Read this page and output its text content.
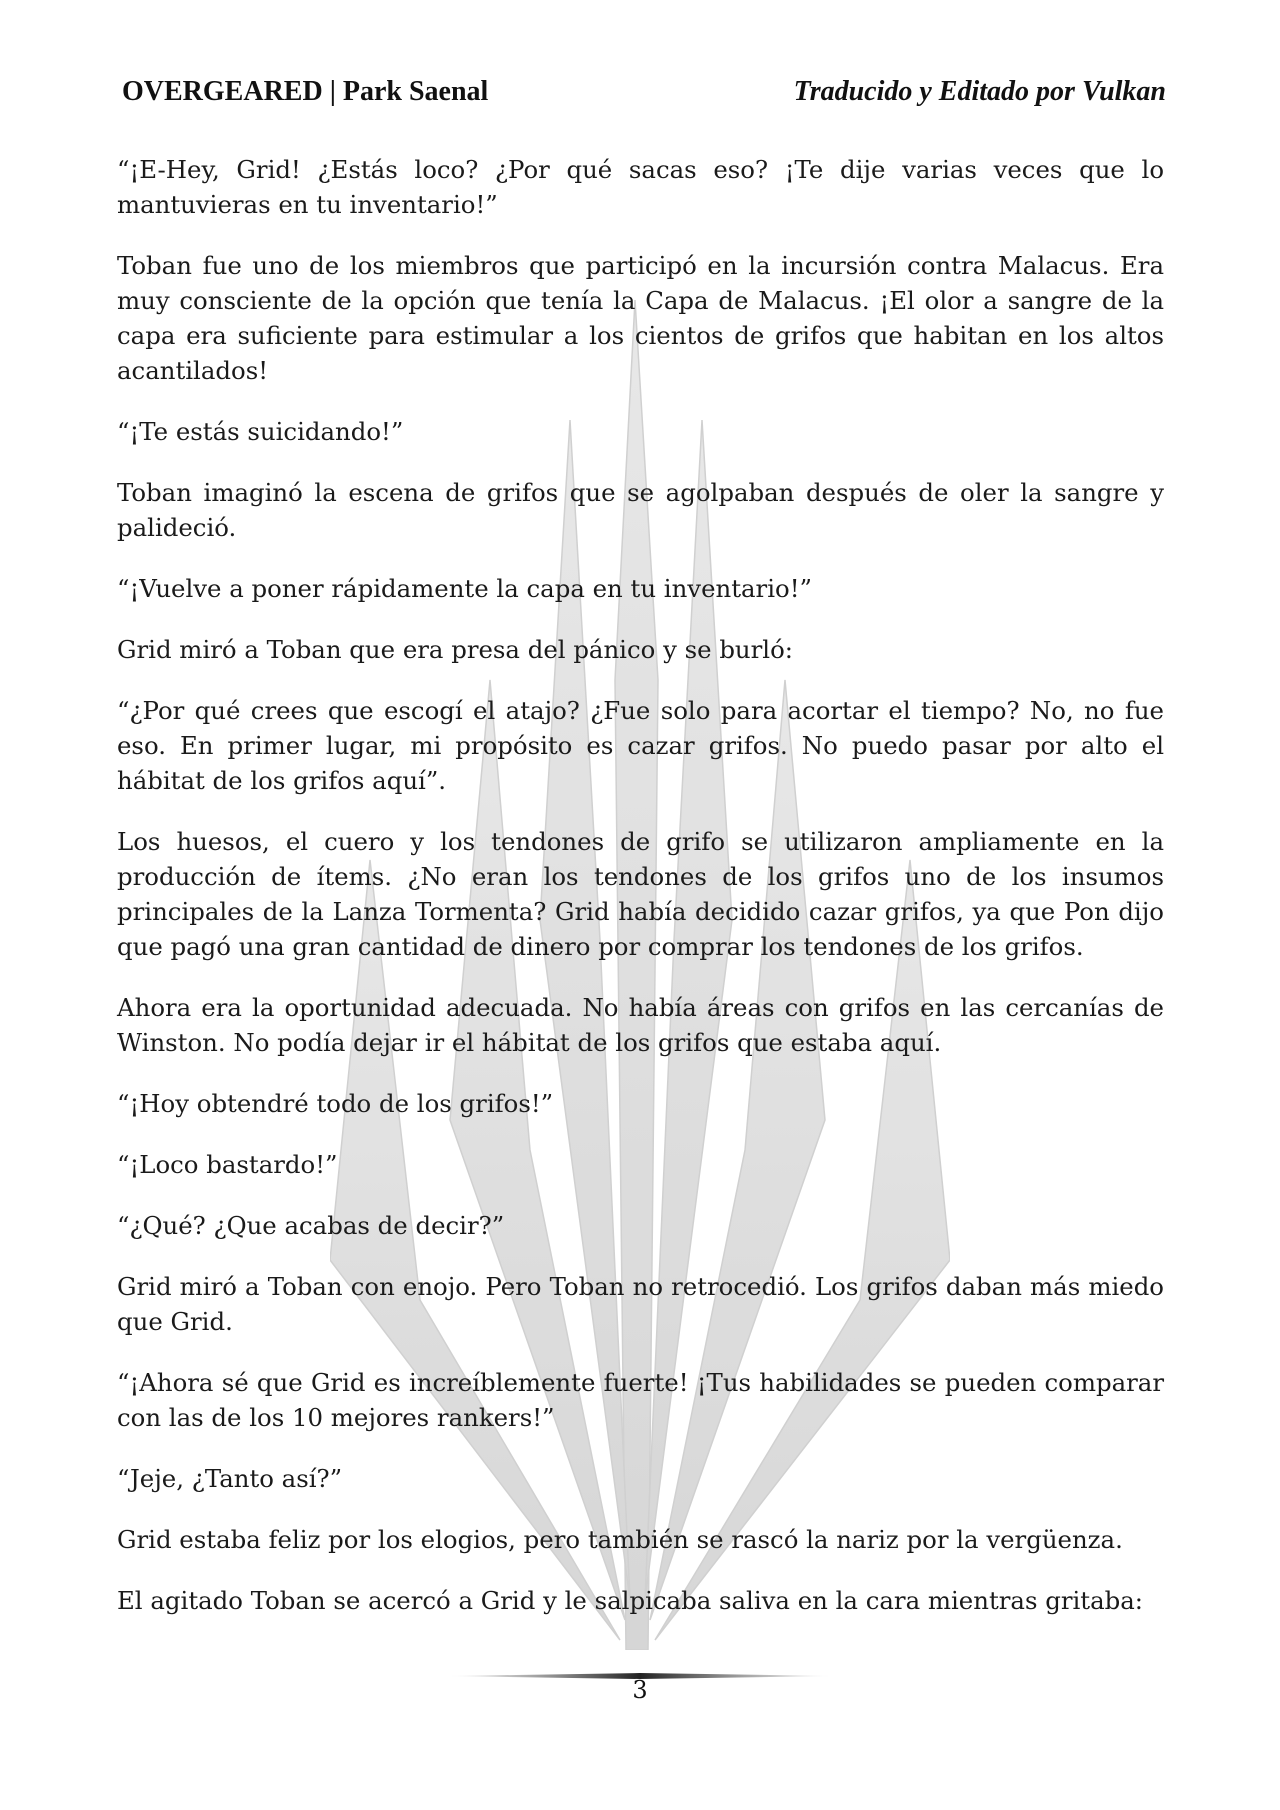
OVERGEARED | Park Saenal	Traducido y Editado por Vulkan

“¡E-Hey, Grid! ¿Estás loco? ¿Por qué sacas eso? ¡Te dije varias veces que lo mantuvieras en tu inventario!”

Toban fue uno de los miembros que participó en la incursión contra Malacus. Era muy consciente de la opción que tenía la Capa de Malacus. ¡El olor a sangre de la capa era suficiente para estimular a los cientos de grifos que habitan en los altos acantilados!

“¡Te estás suicidando!”

Toban imaginó la escena de grifos que se agolpaban después de oler la sangre y palideció.

“¡Vuelve a poner rápidamente la capa en tu inventario!”

Grid miró a Toban que era presa del pánico y se burló:

“¿Por qué crees que escogí el atajo? ¿Fue solo para acortar el tiempo? No, no fue eso. En primer lugar, mi propósito es cazar grifos. No puedo pasar por alto el hábitat de los grifos aquí”.

Los huesos, el cuero y los tendones de grifo se utilizaron ampliamente en la producción de ítems. ¿No eran los tendones de los grifos uno de los insumos principales de la Lanza Tormenta? Grid había decidido cazar grifos, ya que Pon dijo que pagó una gran cantidad de dinero por comprar los tendones de los grifos.

Ahora era la oportunidad adecuada. No había áreas con grifos en las cercanías de Winston. No podía dejar ir el hábitat de los grifos que estaba aquí.

“¡Hoy obtendré todo de los grifos!”

“¡Loco bastardo!”

“¿Qué? ¿Que acabas de decir?”

Grid miró a Toban con enojo. Pero Toban no retrocedió. Los grifos daban más miedo que Grid.

“¡Ahora sé que Grid es increíblemente fuerte! ¡Tus habilidades se pueden comparar con las de los 10 mejores rankers!”

“Jeje, ¿Tanto así?”

Grid estaba feliz por los elogios, pero también se rascó la nariz por la vergüenza.

El agitado Toban se acercó a Grid y le salpicaba saliva en la cara mientras gritaba:

3
